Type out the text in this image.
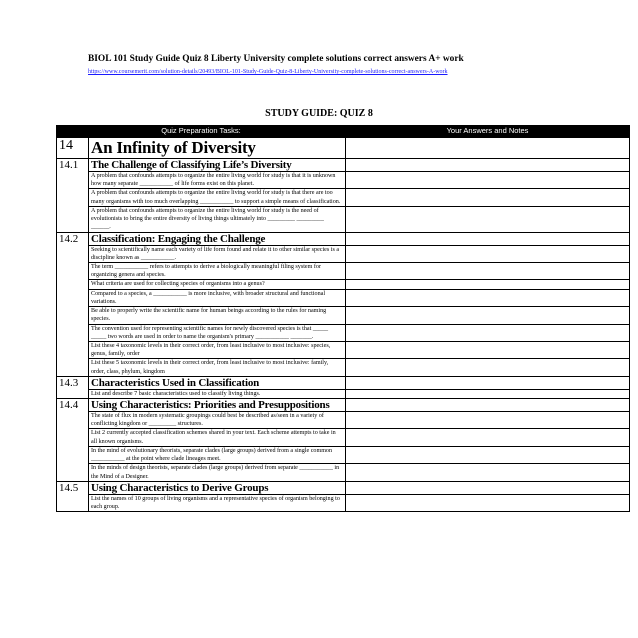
BIOL 101 Study Guide Quiz 8 Liberty University complete solutions correct answers A+ work
https://www.coursemerit.com/solution-details/20493/BIOL-101-Study-Guide-Quiz-8-Liberty-University-complete-solutions-correct-answers-A-work
STUDY GUIDE: QUIZ 8
Quiz Preparation Tasks:		Your Answers and Notes
14	An Infinity of Diversity	
14.1	The Challenge of Classifying Life’s Diversity	
	A problem that confounds attempts to organize the entire living world for study is that it is unknown how many separate ___________ of life forms exist on this planet.	
	A problem that confounds attempts to organize the entire living world for study is that there are too many organisms with too much overlapping ___________ to support a simple means of classification.	
	A problem that confounds attempts to organize the entire living world for study is the need of evolutionists to bring the entire diversity of living things ultimately into _________ _________ ______.	
14.2	Classification: Engaging the Challenge	
	Seeking to scientifically name each variety of life form found and relate it to other similar species is a discipline known as ___________.	
	The term ___________ refers to attempts to derive a biologically meaningful filing system for organizing genera and species.	
	What criteria are used for collecting species of organisms into a genus?	
	Compared to a species, a ___________ is more inclusive, with broader structural and functional variations.	
	Be able to properly write the scientific name for human beings according to the rules for naming species.	
	The convention used for representing scientific names for newly discovered species is that _____ _____ two words are used in order to name the organism's primary ___________ _______.	
	List these 4 taxonomic levels in their correct order, from least inclusive to most inclusive: species, genus, family, order	
	List these 5 taxonomic levels in their correct order, from least inclusive to most inclusive: family, order, class, phylum, kingdom	
14.3	Characteristics Used in Classification	
	List and describe 7 basic characteristics used to classify living things.	
14.4	Using Characteristics: Priorities and Presuppositions	
	The state of flux in modern systematic groupings could best be described as/seen in a variety of conflicting kingdom or _________ structures.	
	List 2 currently accepted classification schemes shared in your text. Each scheme attempts to take in all known organisms.	
	In the mind of evolutionary theorists, separate clades (large groups) derived from a single common ___________ at the point where clade lineages meet.	
	In the minds of design theorists, separate clades (large groups) derived from separate ___________ in the Mind of a Designer.	
14.5	Using Characteristics to Derive Groups	
	List the names of 10 groups of living organisms and a representative species of organism belonging to each group.	
